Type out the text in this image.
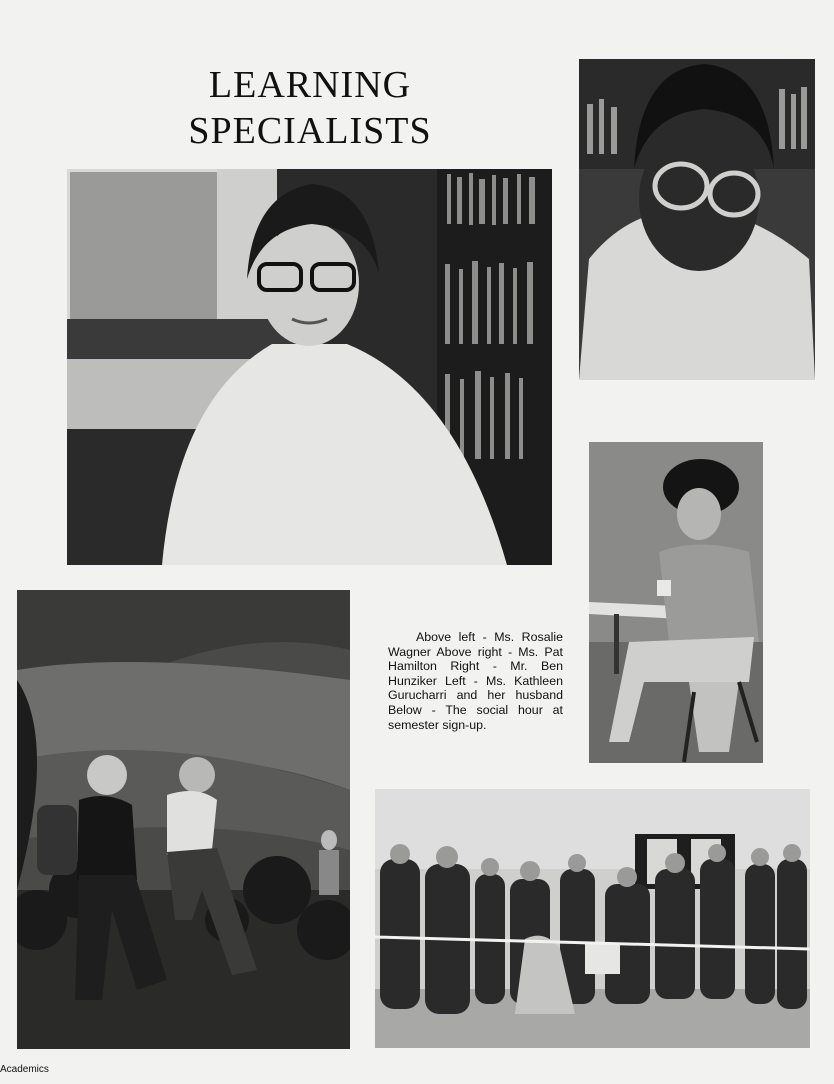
LEARNING
SPECIALISTS

Above left - Ms. Rosalie Wagner Above right - Ms. Pat Hamilton Right - Mr. Ben Hunziker Left - Ms. Kathleen Gurucharri and her husband Below - The social hour at semester sign-up.

Academics
